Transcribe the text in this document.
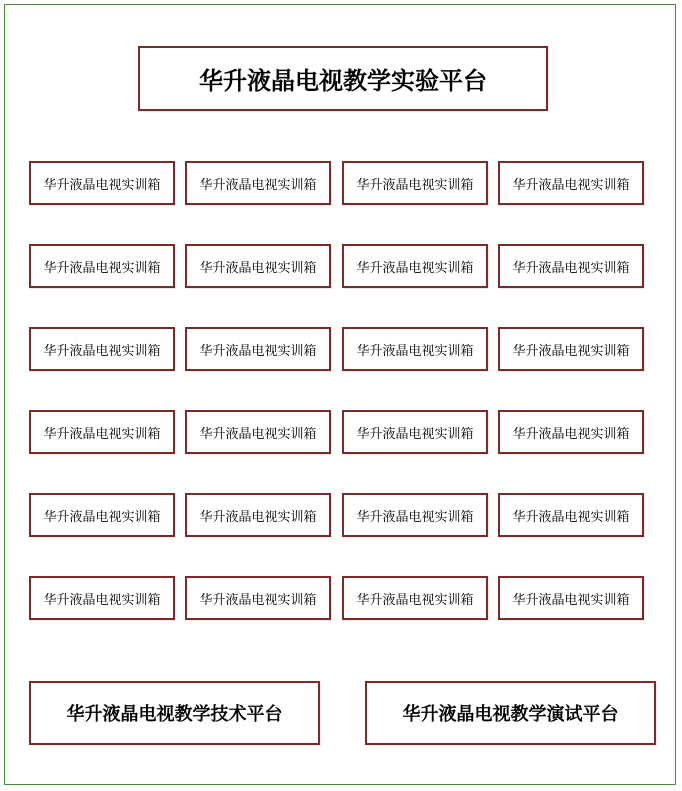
华升液晶电视教学实验平台
华升液晶电视实训箱	华升液晶电视实训箱	华升液晶电视实训箱	华升液晶电视实训箱
华升液晶电视实训箱	华升液晶电视实训箱	华升液晶电视实训箱	华升液晶电视实训箱
华升液晶电视实训箱	华升液晶电视实训箱	华升液晶电视实训箱	华升液晶电视实训箱
华升液晶电视实训箱	华升液晶电视实训箱	华升液晶电视实训箱	华升液晶电视实训箱
华升液晶电视实训箱	华升液晶电视实训箱	华升液晶电视实训箱	华升液晶电视实训箱
华升液晶电视实训箱	华升液晶电视实训箱	华升液晶电视实训箱	华升液晶电视实训箱
华升液晶电视教学技术平台	华升液晶电视教学演试平台
